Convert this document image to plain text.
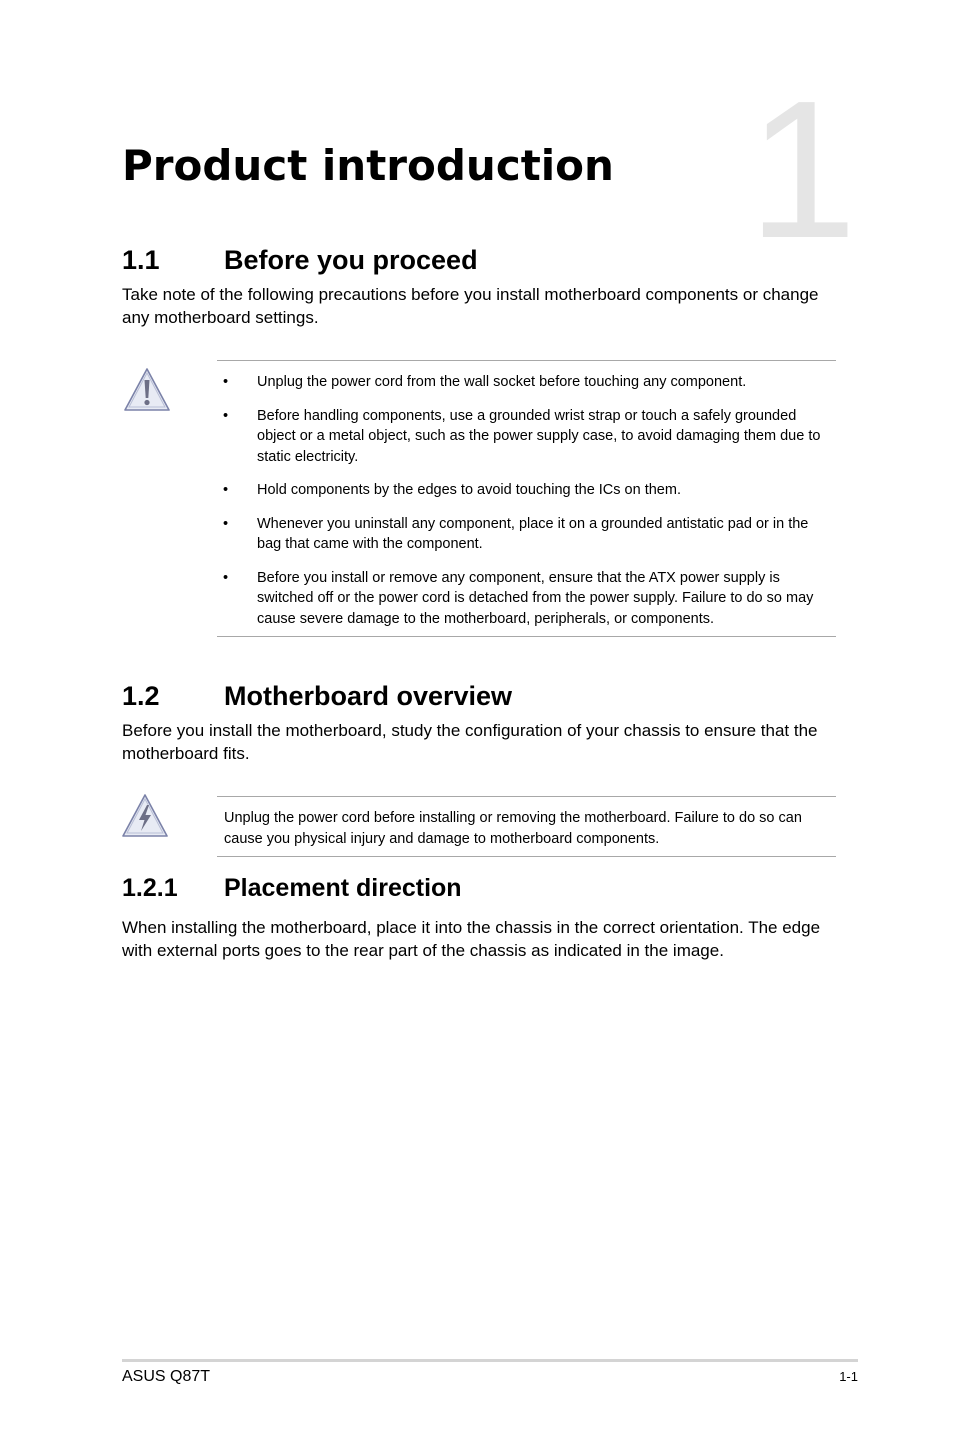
1
Product introduction
1.1 Before you proceed

Take note of the following precautions before you install motherboard components or change any motherboard settings.

• Unplug the power cord from the wall socket before touching any component.
• Before handling components, use a grounded wrist strap or touch a safely grounded object or a metal object, such as the power supply case, to avoid damaging them due to static electricity.
• Hold components by the edges to avoid touching the ICs on them.
• Whenever you uninstall any component, place it on a grounded antistatic pad or in the bag that came with the component.
• Before you install or remove any component, ensure that the ATX power supply is switched off or the power cord is detached from the power supply. Failure to do so may cause severe damage to the motherboard, peripherals, or components.
1.2 Motherboard overview

Before you install the motherboard, study the configuration of your chassis to ensure that the motherboard fits.

Unplug the power cord before installing or removing the motherboard. Failure to do so can cause you physical injury and damage to motherboard components.

1.2.1 Placement direction

When installing the motherboard, place it into the chassis in the correct orientation. The edge with external ports goes to the rear part of the chassis as indicated in the image.

ASUS Q87T	1-1
